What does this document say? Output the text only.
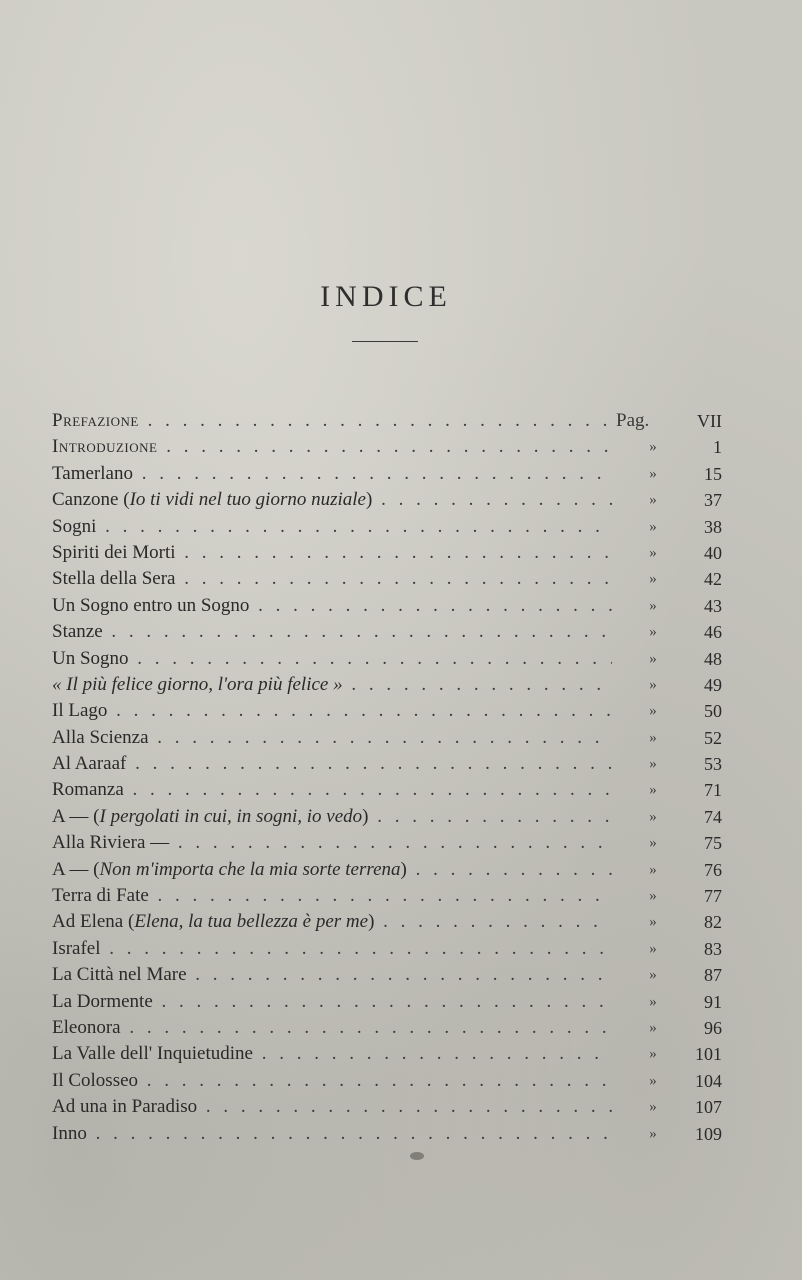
INDICE
Prefazione . . .	Pag.	VII
Introduzione . . .	»	1
Tamerlano . . .	»	15
Canzone (Io ti vidi nel tuo giorno nuziale) . . .	»	37
Sogni . . .	»	38
Spiriti dei Morti . . .	»	40
Stella della Sera . . .	»	42
Un Sogno entro un Sogno . . .	»	43
Stanze . . .	»	46
Un Sogno . . .	»	48
« Il più felice giorno, l'ora più felice » . . .	»	49
Il Lago . . .	»	50
Alla Scienza . . .	»	52
Al Aaraaf . . .	»	53
Romanza . . .	»	71
A — (I pergolati in cui, in sogni, io vedo) . . .	»	74
Alla Riviera — . . .	»	75
A — (Non m'importa che la mia sorte terrena) . . .	»	76
Terra di Fate . . .	»	77
Ad Elena (Elena, la tua bellezza è per me) . . .	»	82
Israfel . . .	»	83
La Città nel Mare . . .	»	87
La Dormente . . .	»	91
Eleonora . . .	»	96
La Valle dell' Inquietudine . . .	»	101
Il Colosseo . . .	»	104
Ad una in Paradiso . . .	»	107
Inno . . .	»	109
